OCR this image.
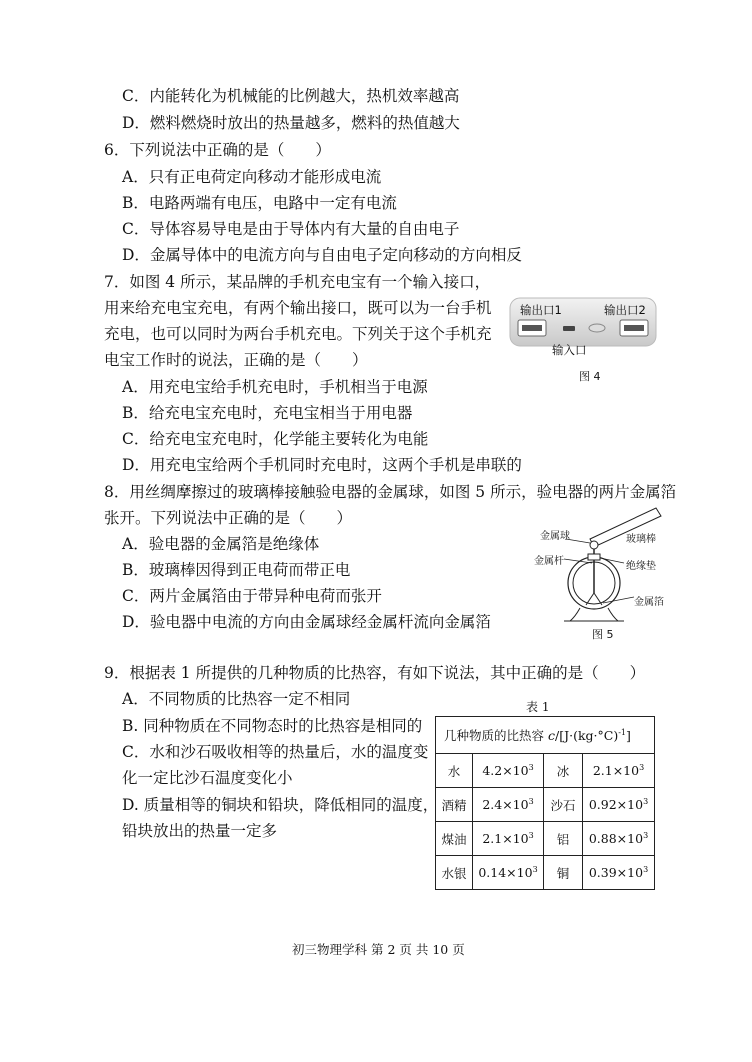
C．内能转化为机械能的比例越大，热机效率越高
D．燃料燃烧时放出的热量越多，燃料的热值越大
6．下列说法中正确的是（　　）
A．只有正电荷定向移动才能形成电流
B．电路两端有电压，电路中一定有电流
C．导体容易导电是由于导体内有大量的自由电子
D．金属导体中的电流方向与自由电子定向移动的方向相反
7．如图 4 所示，某品牌的手机充电宝有一个输入接口，
用来给充电宝充电，有两个输出接口，既可以为一台手机
充电，也可以同时为两台手机充电。下列关于这个手机充
电宝工作时的说法，正确的是（　　）
A．用充电宝给手机充电时，手机相当于电源
B．给充电宝充电时，充电宝相当于用电器
C．给充电宝充电时，化学能主要转化为电能
D．用充电宝给两个手机同时充电时，这两个手机是串联的
输出口1	输出口2
输入口
图 4
8．用丝绸摩擦过的玻璃棒接触验电器的金属球，如图 5 所示，验电器的两片金属箔
张开。下列说法中正确的是（　　）
A．验电器的金属箔是绝缘体
B．玻璃棒因得到正电荷而带正电
C．两片金属箔由于带异种电荷而张开
D．验电器中电流的方向由金属球经金属杆流向金属箔
金属球	玻璃棒
金属杆	绝缘垫
金属箔
图 5
9．根据表 1 所提供的几种物质的比热容，有如下说法，其中正确的是（　　）
A．不同物质的比热容一定不相同
B. 同种物质在不同物态时的比热容是相同的
C．水和沙石吸收相等的热量后，水的温度变
化一定比沙石温度变化小
D. 质量相等的铜块和铅块，降低相同的温度，
铅块放出的热量一定多
表 1
几种物质的比热容 $c/[J\cdot(kg\cdot^\circ C)^{-1}]$			
水	$4.2\times 10^3$	冰	$2.1\times 10^3$
酒精	$2.4\times 10^3$	沙石	$0.92\times 10^3$
煤油	$2.1\times 10^3$	铝	$0.88\times 10^3$
水银	$0.14\times 10^3$	铜	$0.39\times 10^3$
初三物理学科 第 2 页 共 10 页
